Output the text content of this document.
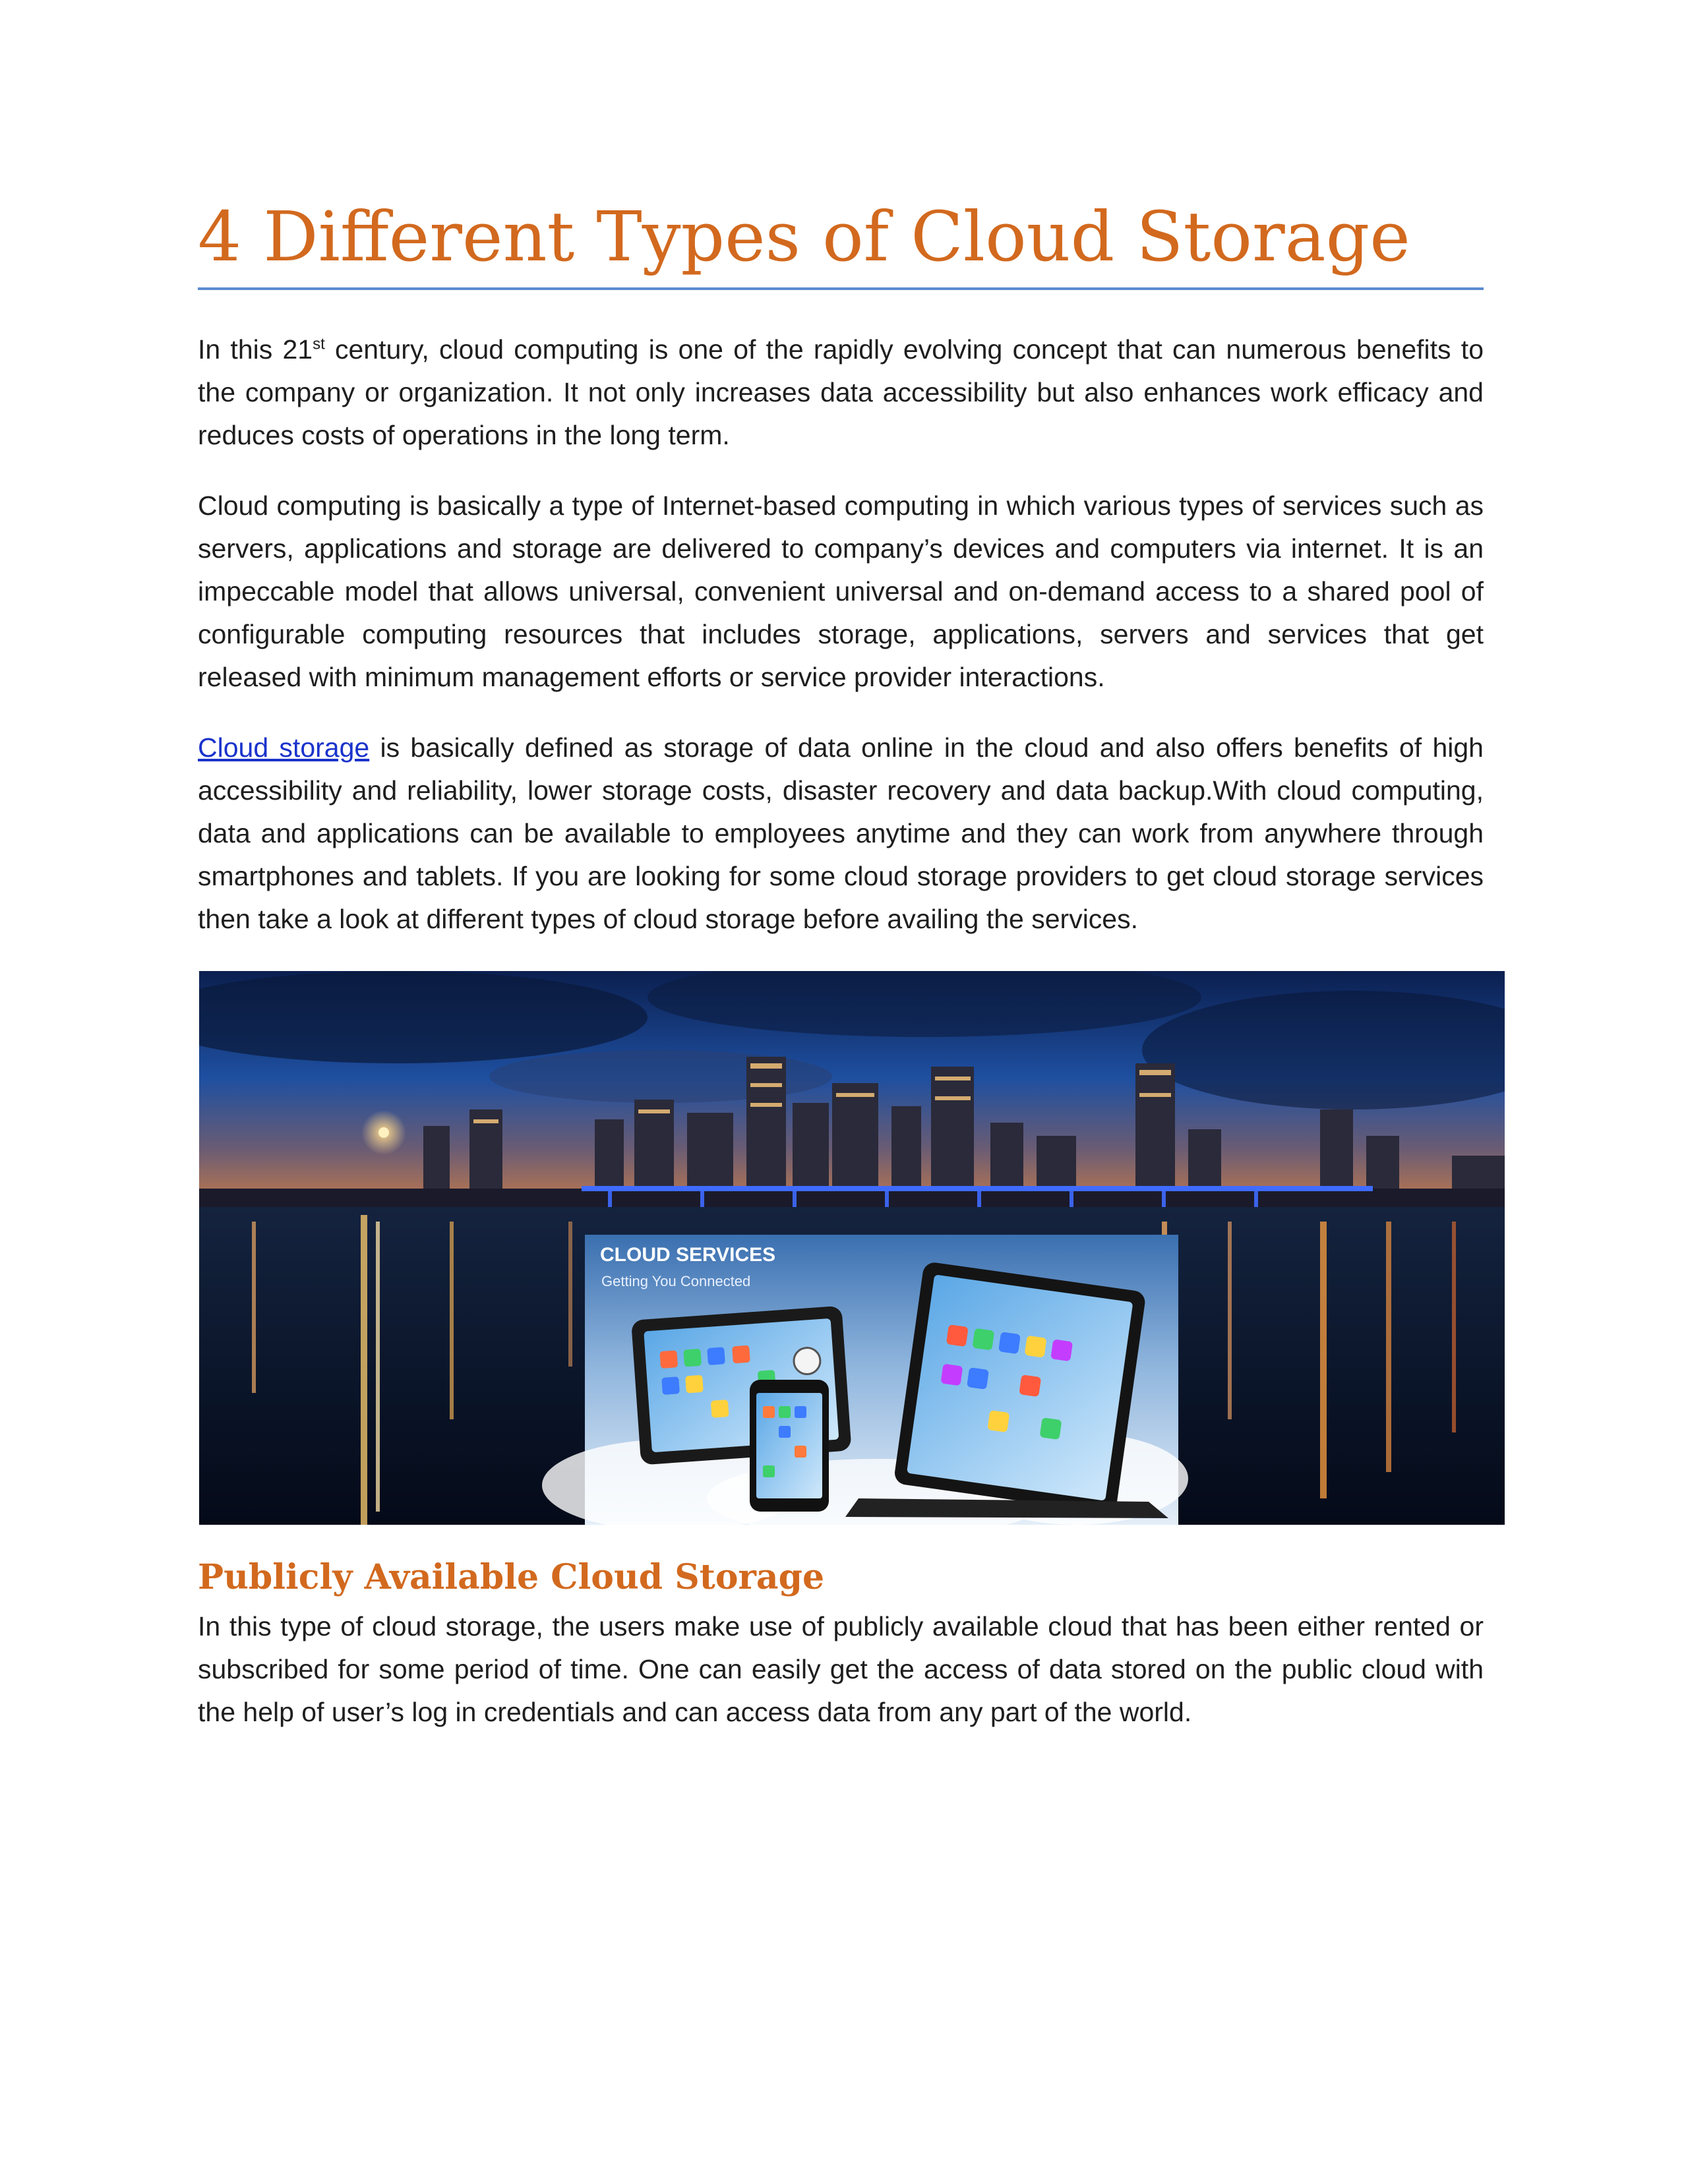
4 Different Types of Cloud Storage

In this 21st century, cloud computing is one of the rapidly evolving concept that can numerous benefits to the company or organization. It not only increases data accessibility but also enhances work efficacy and reduces costs of operations in the long term.

Cloud computing is basically a type of Internet-based computing in which various types of services such as servers, applications and storage are delivered to company’s devices and computers via internet. It is an impeccable model that allows universal, convenient universal and on-demand access to a shared pool of configurable computing resources that includes storage, applications, servers and services that get released with minimum management efforts or service provider interactions.

Cloud storage is basically defined as storage of data online in the cloud and also offers benefits of high accessibility and reliability, lower storage costs, disaster recovery and data backup.With cloud computing, data and applications can be available to employees anytime and they can work from anywhere through smartphones and tablets. If you are looking for some cloud storage providers to get cloud storage services then take a look at different types of cloud storage before availing the services.

CLOUD SERVICES
Getting You Connected
Publicly Available Cloud Storage

In this type of cloud storage, the users make use of publicly available cloud that has been either rented or subscribed for some period of time. One can easily get the access of data stored on the public cloud with the help of user’s log in credentials and can access data from any part of the world.
